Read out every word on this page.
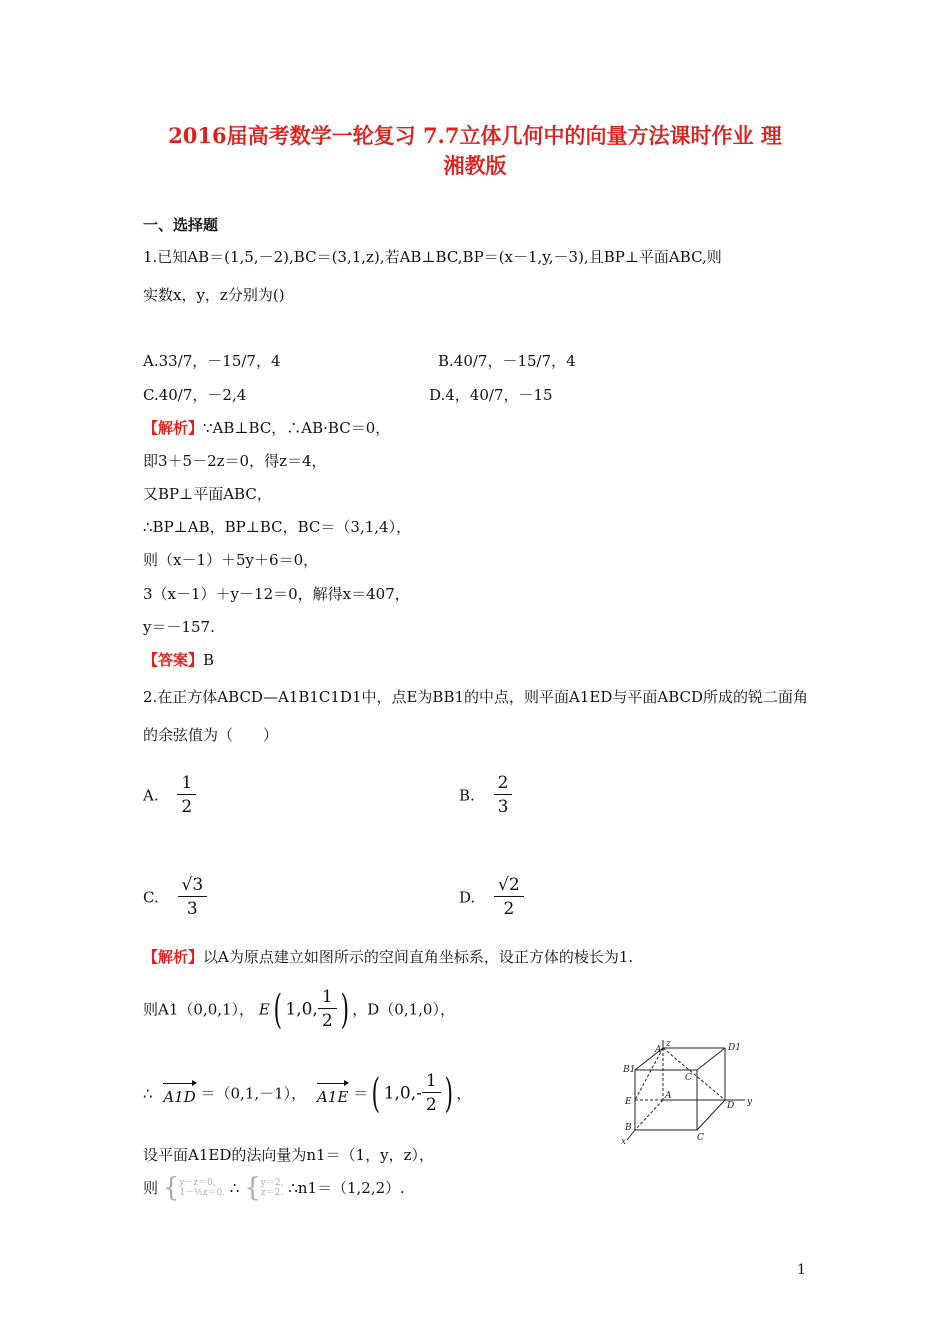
2016届高考数学一轮复习 7.7立体几何中的向量方法课时作业 理
湘教版
一、选择题
1.已知AB＝(1,5,－2),BC＝(3,1,z),若AB⊥BC,BP＝(x－1,y,－3),且BP⊥平面ABC,则
实数x，y，z分别为()
A.33/7，－15/7，4	B.40/7，－15/7，4
C.40/7，－2,4	D.4，40/7，－15
【解析】∵AB⊥BC，∴AB·BC＝0，
即3＋5－2z＝0，得z＝4，
又BP⊥平面ABC，
∴BP⊥AB，BP⊥BC，BC＝（3,1,4），
则（x－1）＋5y＋6＝0，
3（x－1）＋y－12＝0，解得x＝407，
y＝－157.
【答案】B
2.在正方体ABCD—A1B1C1D1中，点E为BB1的中点，则平面A1ED与平面ABCD所成的锐二面角
的余弦值为（　　）
A. $\frac{1}{2}$	B. $\frac{2}{3}$
C. $\frac{√3}{3}$	D. $\frac{√2}{2}$
【解析】以A为原点建立如图所示的空间直角坐标系，设正方体的棱长为1.
则A1（0,0,1）， E( 1,0, $\frac{1}{2}$ ) ，D（0,1,0），
∴ A1D ＝（0,1,－1）， A1E ＝( $1,0,- \frac{1}{2}$ ) ，
设平面A1ED的法向量为n1＝（1，y，z），
则 { y－z＝0,
1－½z＝0. ∴ { y＝2,
z＝2. ∴n1＝（1,2,2）.
A
z	D1
B1
C
E
A
D y
B
C
x
1
